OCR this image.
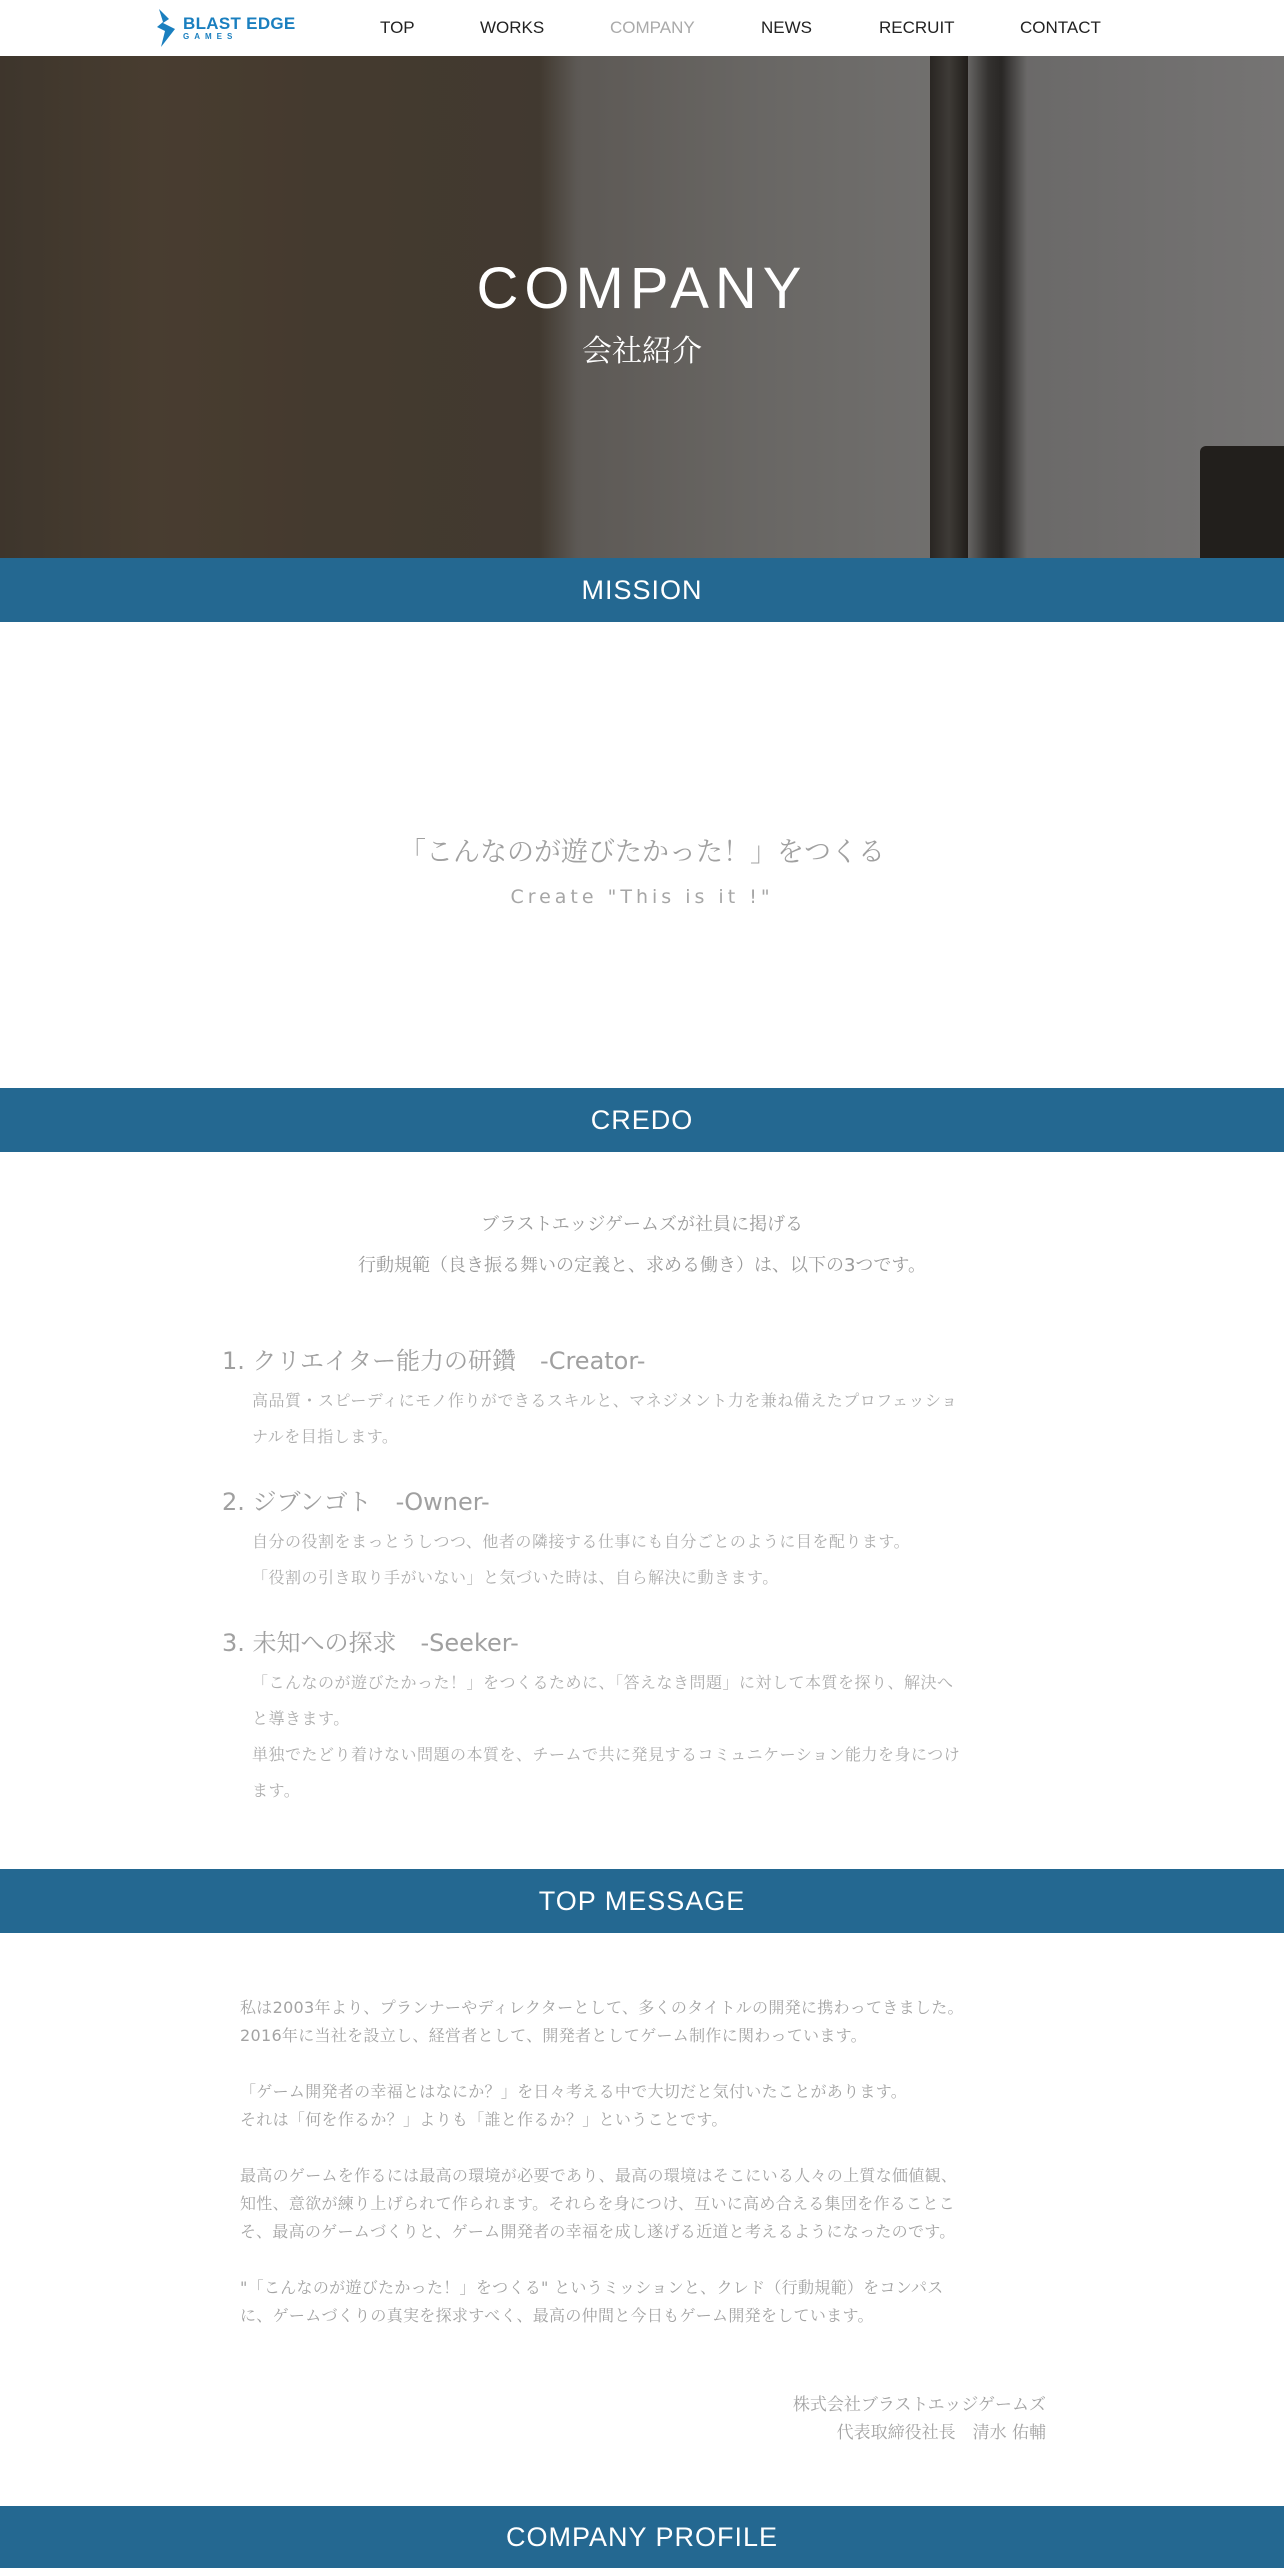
BLAST EDGE
GAMES	TOP	WORKS	COMPANY	NEWS	RECRUIT	CONTACT
COMPANY
会社紹介
MISSION
「こんなのが遊びたかった！」をつくる
Create "This is it !"
CREDO
ブラストエッジゲームズが社員に掲げる
行動規範（良き振る舞いの定義と、求める働き）は、以下の3つです。
1. クリエイター能力の研鑽　-Creator-
高品質・スピーディにモノ作りができるスキルと、マネジメント力を兼ね備えたプロフェッショ
ナルを目指します。
2. ジブンゴト　-Owner-
自分の役割をまっとうしつつ、他者の隣接する仕事にも自分ごとのように目を配ります。
「役割の引き取り手がいない」と気づいた時は、自ら解決に動きます。
3. 未知への探求　-Seeker-
「こんなのが遊びたかった！」をつくるために、「答えなき問題」に対して本質を探り、解決へ
と導きます。
単独でたどり着けない問題の本質を、チームで共に発見するコミュニケーション能力を身につけ
ます。
TOP MESSAGE
私は2003年より、プランナーやディレクターとして、多くのタイトルの開発に携わってきました。
2016年に当社を設立し、経営者として、開発者としてゲーム制作に関わっています。
「ゲーム開発者の幸福とはなにか？」を日々考える中で大切だと気付いたことがあります。
それは「何を作るか？」よりも「誰と作るか？」ということです。
最高のゲームを作るには最高の環境が必要であり、最高の環境はそこにいる人々の上質な価値観、
知性、意欲が練り上げられて作られます。それらを身につけ、互いに高め合える集団を作ることこ
そ、最高のゲームづくりと、ゲーム開発者の幸福を成し遂げる近道と考えるようになったのです。
"「こんなのが遊びたかった！」をつくる" というミッションと、クレド（行動規範）をコンパス
に、ゲームづくりの真実を探求すべく、最高の仲間と今日もゲーム開発をしています。
株式会社ブラストエッジゲームズ
代表取締役社長　清水 佑輔
COMPANY PROFILE
